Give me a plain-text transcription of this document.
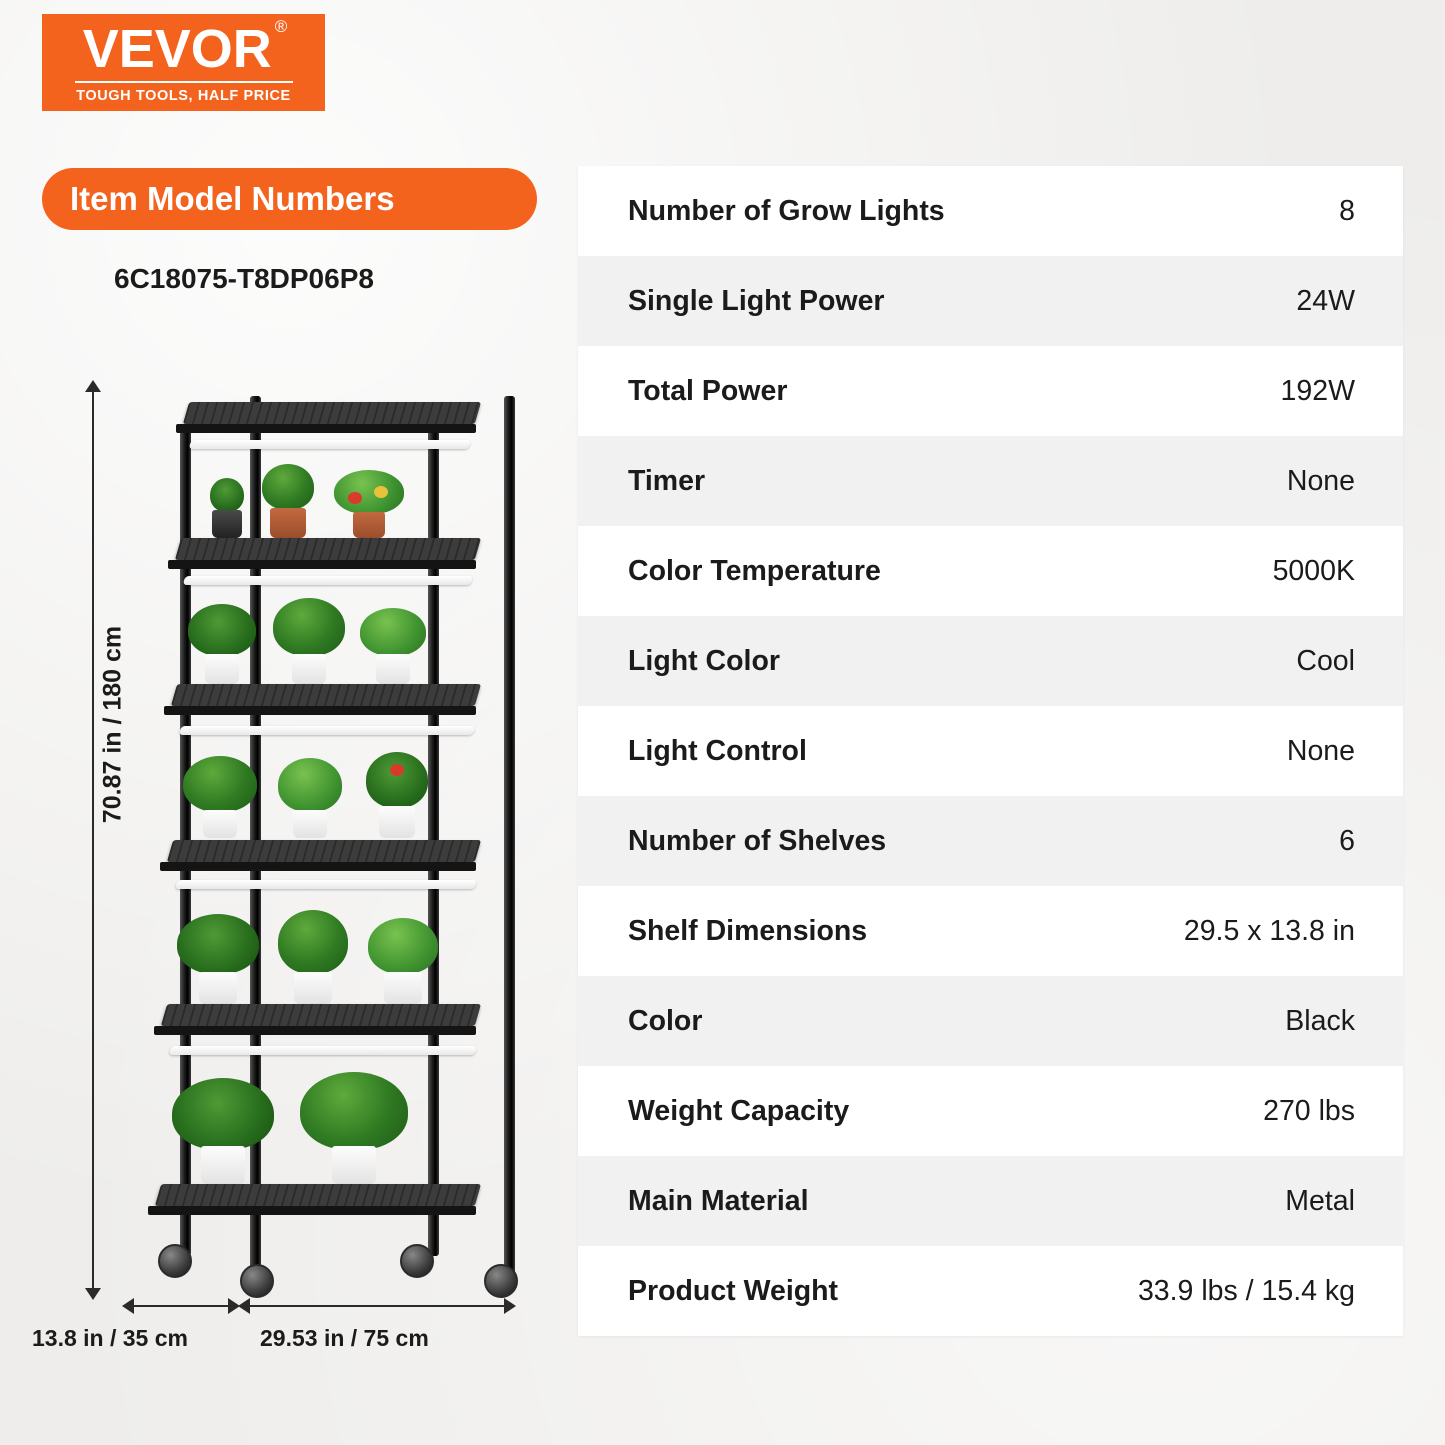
VEVOR ®
TOUGH TOOLS, HALF PRICE
Item Model Numbers
6C18075-T8DP06P8
70.87 in / 180 cm
13.8 in / 35 cm	29.53 in / 75 cm
Number of Grow Lights	8
Single Light Power	24W
Total Power	192W
Timer	None
Color Temperature	5000K
Light Color	Cool
Light Control	None
Number of Shelves	6
Shelf Dimensions	29.5 x 13.8 in
Color	Black
Weight Capacity	270 lbs
Main Material	Metal
Product Weight	33.9 lbs / 15.4 kg
